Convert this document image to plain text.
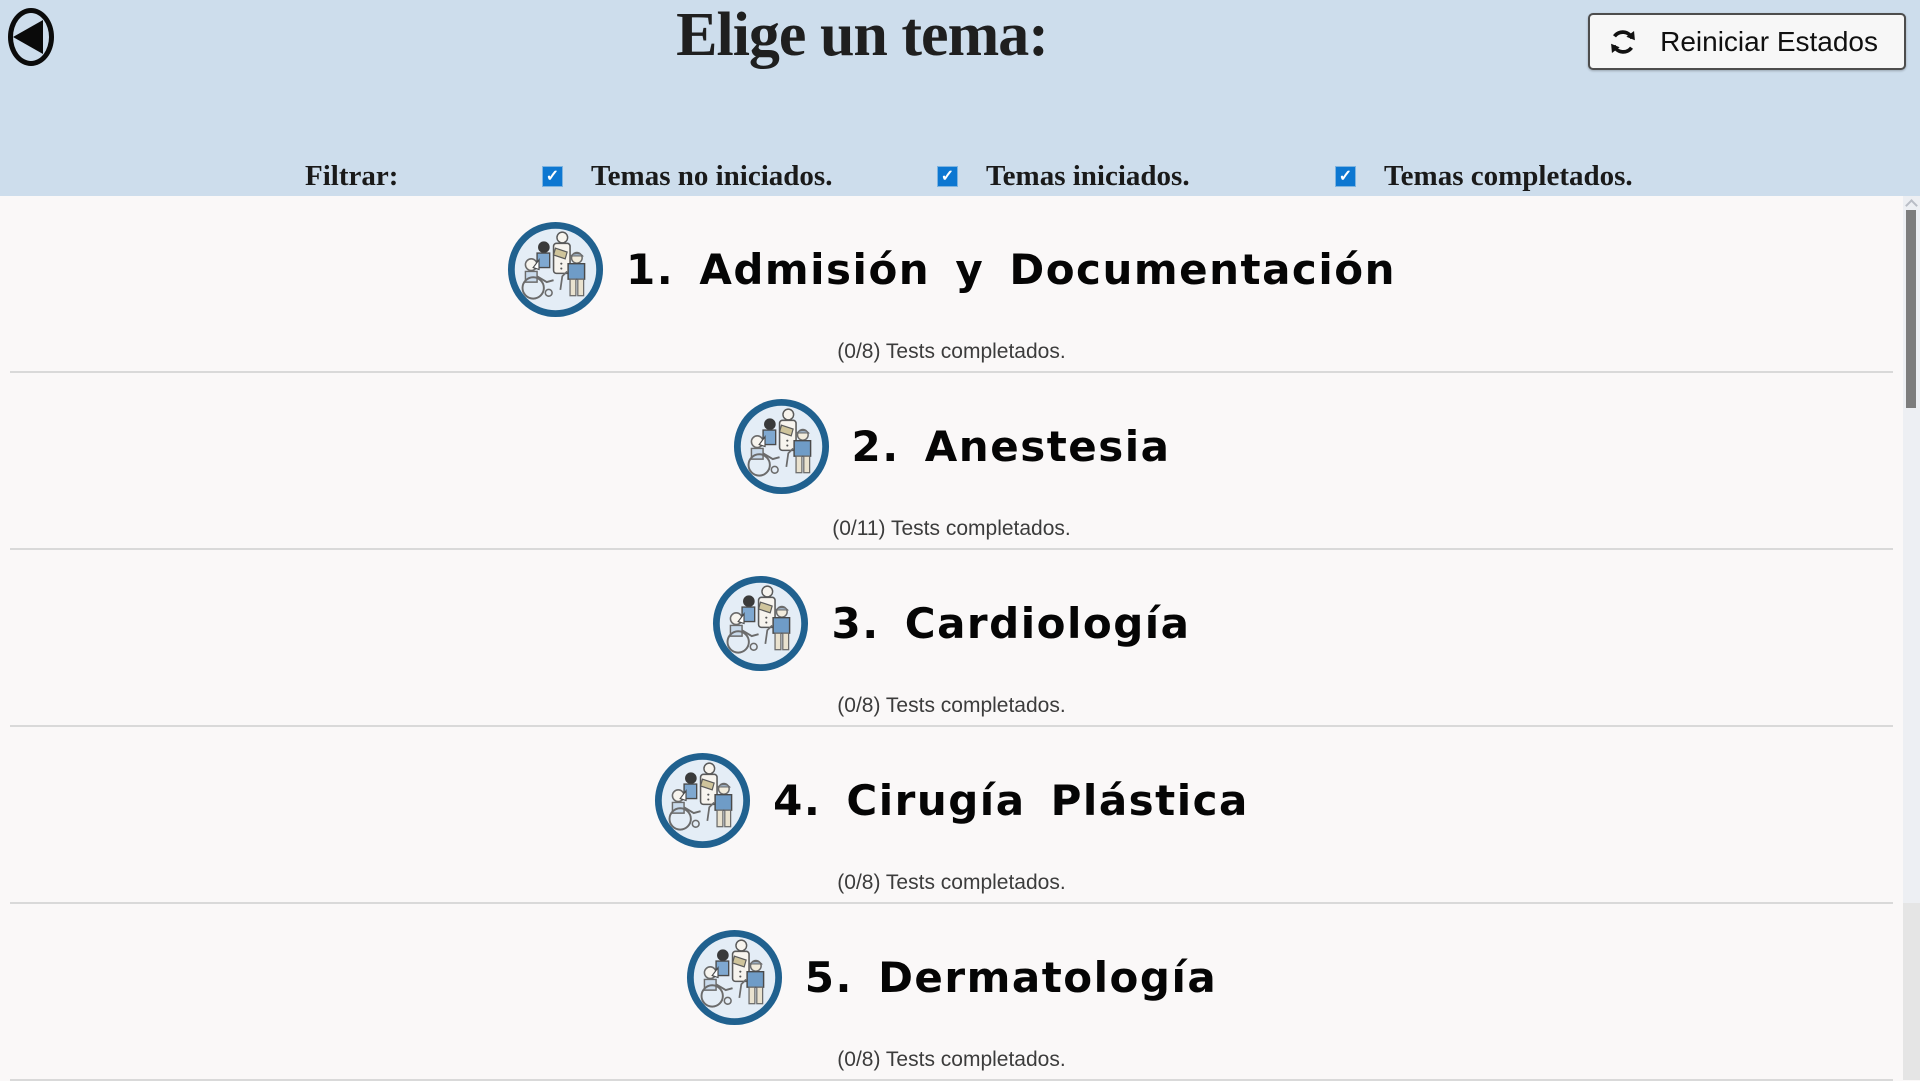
Elige un tema:	Reiniciar Estados
Filtrar:	✓ Temas no iniciados.	✓ Temas iniciados.	✓ Temas completados.
1. Admisión y Documentación
(0/8) Tests completados.
2. Anestesia
(0/11) Tests completados.
3. Cardiología
(0/8) Tests completados.
4. Cirugía Plástica
(0/8) Tests completados.
5. Dermatología
(0/8) Tests completados.
